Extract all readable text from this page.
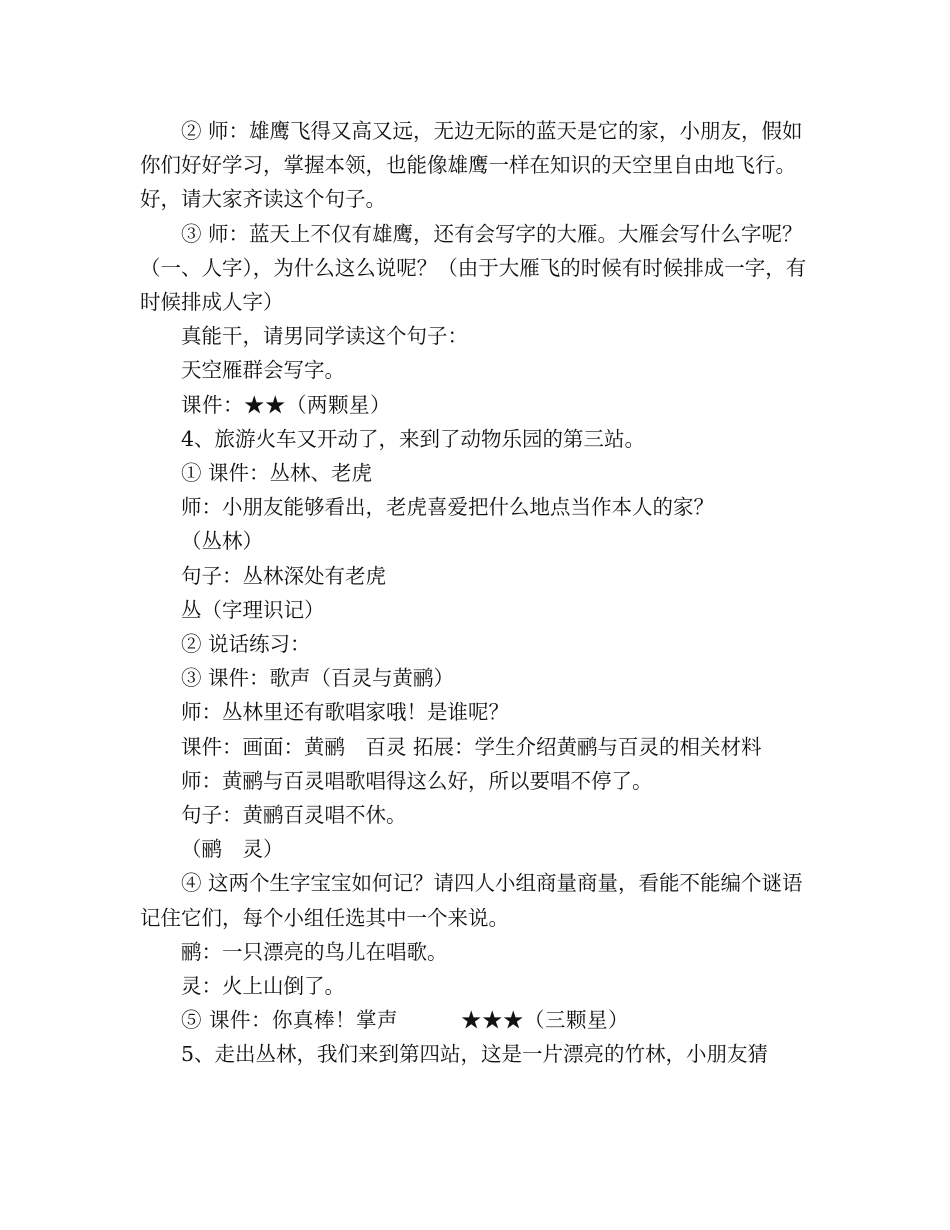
② 师：雄鹰飞得又高又远，无边无际的蓝天是它的家，小朋友，假如你们好好学习，掌握本领，也能像雄鹰一样在知识的天空里自由地飞行。好，请大家齐读这个句子。

③ 师：蓝天上不仅有雄鹰，还有会写字的大雁。大雁会写什么字呢？（一、人字），为什么这么说呢？（由于大雁飞的时候有时候排成一字，有时候排成人字）

真能干，请男同学读这个句子：

天空雁群会写字。

课件：★★（两颗星）

4、旅游火车又开动了，来到了动物乐园的第三站。

① 课件：丛林、老虎

师：小朋友能够看出，老虎喜爱把什么地点当作本人的家？

（丛林）

句子：丛林深处有老虎

丛（字理识记）

② 说话练习：

③ 课件：歌声（百灵与黄鹂）

师：丛林里还有歌唱家哦！是谁呢？

课件：画面：黄鹂　百灵 拓展：学生介绍黄鹂与百灵的相关材料

师：黄鹂与百灵唱歌唱得这么好，所以要唱不停了。

句子：黄鹂百灵唱不休。

（鹂　灵）

④ 这两个生字宝宝如何记？请四人小组商量商量，看能不能编个谜语记住它们，每个小组任选其中一个来说。

鹂：一只漂亮的鸟儿在唱歌。

灵：火上山倒了。

⑤ 课件：你真棒！掌声　　　★★★（三颗星）

5、走出丛林，我们来到第四站，这是一片漂亮的竹林，小朋友猜
